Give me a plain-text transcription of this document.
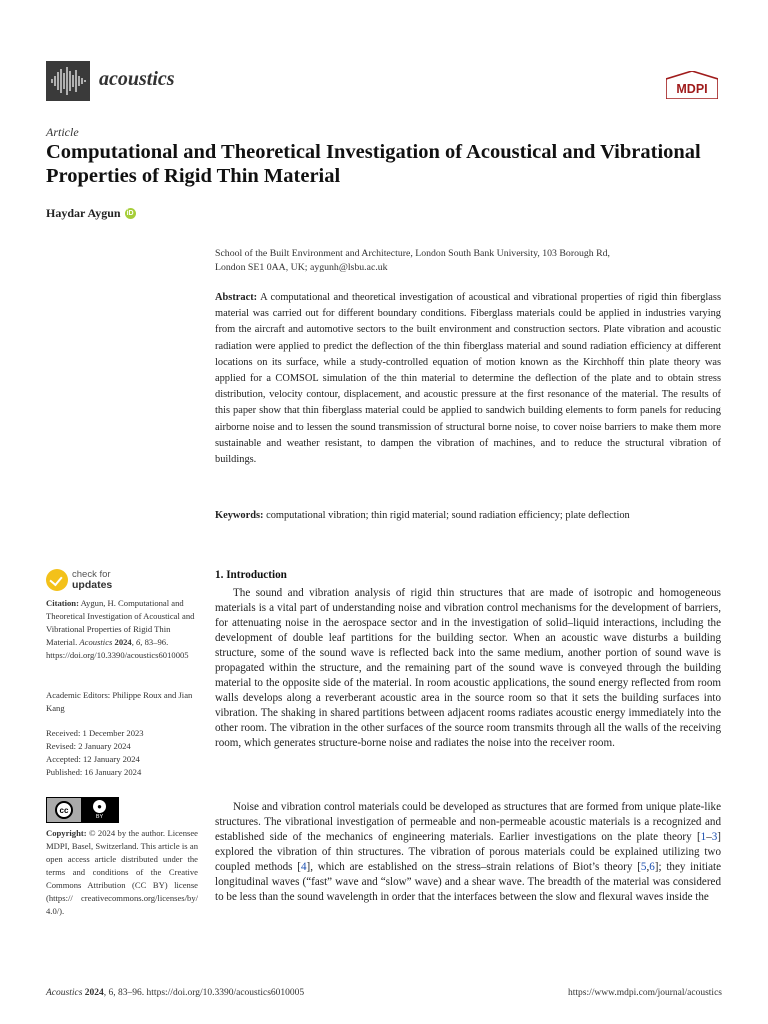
acoustics	MDPI
Article
Computational and Theoretical Investigation of Acoustical and Vibrational Properties of Rigid Thin Material
Haydar Aygun iD
School of the Built Environment and Architecture, London South Bank University, 103 Borough Rd,
London SE1 0AA, UK; aygunh@lsbu.ac.uk
Abstract: A computational and theoretical investigation of acoustical and vibrational properties of rigid thin fiberglass material was carried out for different boundary conditions. Fiberglass materials could be applied in industries varying from the aircraft and automotive sectors to the built environment and construction sectors. Plate vibration and acoustic radiation were applied to predict the deflection of the thin fiberglass material and sound radiation efficiency at different locations on its surface, while a study-controlled equation of motion known as the Kirchhoff thin plate theory was applied for a COMSOL simulation of the thin material to determine the deflection of the plate and to obtain stress distribution, velocity contour, displacement, and acoustic pressure at the first resonance of the material. The results of this paper show that thin fiberglass material could be applied to sandwich building elements to form panels for reducing airborne noise and to lessen the sound transmission of structural borne noise, to cover noise barriers to make them more sustainable and weather resistant, to dampen the vibration of machines, and to reduce the structural vibration of buildings.
Keywords: computational vibration; thin rigid material; sound radiation efficiency; plate deflection
check for
updates
Citation: Aygun, H. Computational and Theoretical Investigation of Acoustical and Vibrational Properties of Rigid Thin Material. Acoustics 2024, 6, 83–96. https://doi.org/10.3390/acoustics6010005
Academic Editors: Philippe Roux and Jian Kang
Received: 1 December 2023
Revised: 2 January 2024
Accepted: 12 January 2024
Published: 16 January 2024
cc	●
BY
Copyright: © 2024 by the author. Licensee MDPI, Basel, Switzerland. This article is an open access article distributed under the terms and conditions of the Creative Commons Attribution (CC BY) license (https:// creativecommons.org/licenses/by/ 4.0/).
1. Introduction
The sound and vibration analysis of rigid thin structures that are made of isotropic and homogeneous materials is a vital part of understanding noise and vibration control mechanisms for the development of barriers, for attenuating noise in the aerospace sector and in the investigation of solid–liquid interactions, including the development of double leaf partitions for the building sector. When an acoustic wave disturbs a building structure, some of the sound wave is reflected back into the same medium, another portion of sound wave is propagated within the structure, and the remaining part of the sound wave is conveyed through the building material to the opposite side of the material. In room acoustic applications, the sound energy reflected from room walls develops along a reverberant acoustic area in the source room so that it sets the building surfaces into vibration. The shaking in shared partitions between adjacent rooms radiates acoustic energy immediately into the other room. The vibration in the other surfaces of the source room transmits through all the walls of the receiving room, which generates structure-borne noise and radiates the noise into the receiver room.
Noise and vibration control materials could be developed as structures that are formed from unique plate-like structures. The vibrational investigation of permeable and non-permeable acoustic materials is a recognized and established side of the mechanics of engineering materials. Earlier investigations on the plate theory [1–3] explored the vibration of thin structures. The vibration of porous materials could be explained utilizing two coupled methods [4], which are established on the stress–strain relations of Biot’s theory [5,6]; they initiate longitudinal waves (“fast” wave and “slow” wave) and a shear wave. The breadth of the material was considered to be less than the sound wavelength in order that the interfaces between the slow and flexural waves inside the
Acoustics 2024, 6, 83–96. https://doi.org/10.3390/acoustics6010005	https://www.mdpi.com/journal/acoustics
